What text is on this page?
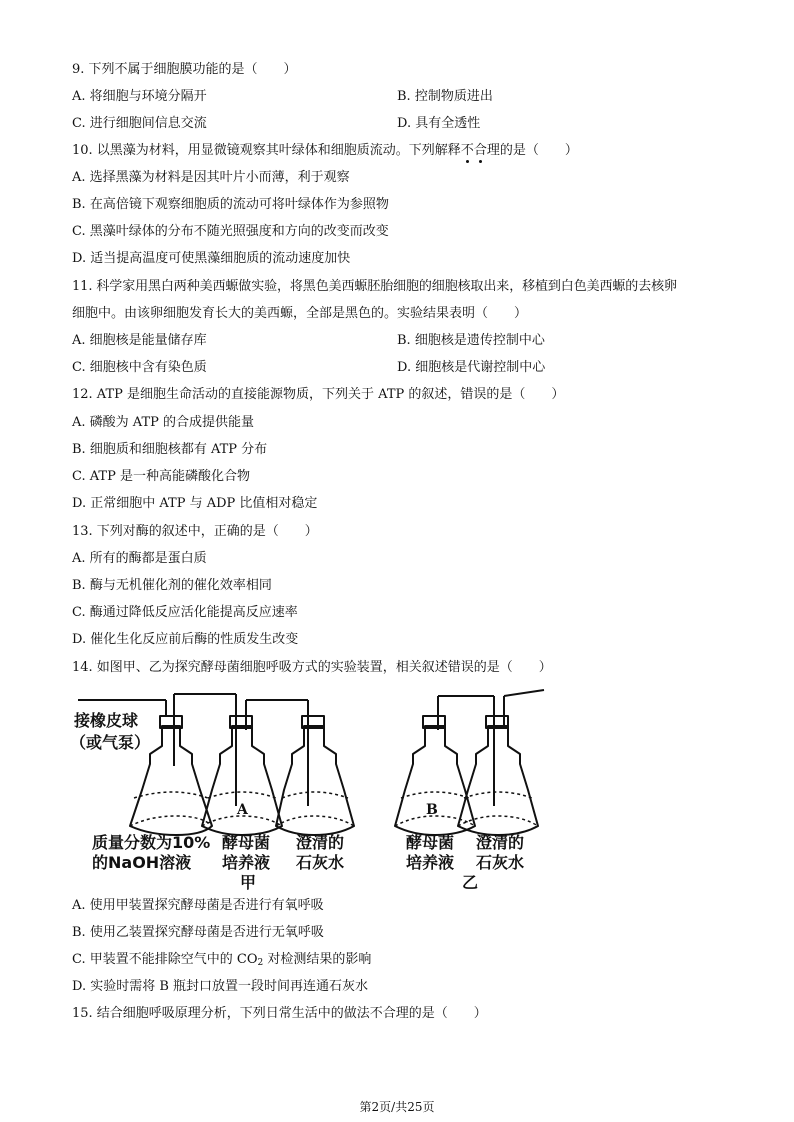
9. 下列不属于细胞膜功能的是（　　）
A. 将细胞与环境分隔开	B. 控制物质进出
C. 进行细胞间信息交流	D. 具有全透性
10. 以黑藻为材料，用显微镜观察其叶绿体和细胞质流动。下列解释不合理的是（　　）
A. 选择黑藻为材料是因其叶片小而薄，利于观察
B. 在高倍镜下观察细胞质的流动可将叶绿体作为参照物
C. 黑藻叶绿体的分布不随光照强度和方向的改变而改变
D. 适当提高温度可使黑藻细胞质的流动速度加快
11. 科学家用黑白两种美西螈做实验，将黑色美西螈胚胎细胞的细胞核取出来，移植到白色美西螈的去核卵
细胞中。由该卵细胞发育长大的美西螈，全部是黑色的。实验结果表明（　　）
A. 细胞核是能量储存库	B. 细胞核是遗传控制中心
C. 细胞核中含有染色质	D. 细胞核是代谢控制中心
12. ATP 是细胞生命活动的直接能源物质，下列关于 ATP 的叙述，错误的是（　　）
A. 磷酸为 ATP 的合成提供能量
B. 细胞质和细胞核都有 ATP 分布
C. ATP 是一种高能磷酸化合物
D. 正常细胞中 ATP 与 ADP 比值相对稳定
13. 下列对酶的叙述中，正确的是（　　）
A. 所有的酶都是蛋白质
B. 酶与无机催化剂的催化效率相同
C. 酶通过降低反应活化能提高反应速率
D. 催化生化反应前后酶的性质发生改变
14. 如图甲、乙为探究酵母菌细胞呼吸方式的实验装置，相关叙述错误的是（　　）
接橡皮球
（或气泵）
A	B
质量分数为10%
的NaOH溶液
酵母菌
培养液
澄清的
石灰水
甲
酵母菌
培养液
澄清的
石灰水
乙
A. 使用甲装置探究酵母菌是否进行有氧呼吸
B. 使用乙装置探究酵母菌是否进行无氧呼吸
C. 甲装置不能排除空气中的 $CO_2$ 对检测结果的影响
D. 实验时需将 B 瓶封口放置一段时间再连通石灰水
15. 结合细胞呼吸原理分析，下列日常生活中的做法不合理的是（　　）
第2页/共25页
